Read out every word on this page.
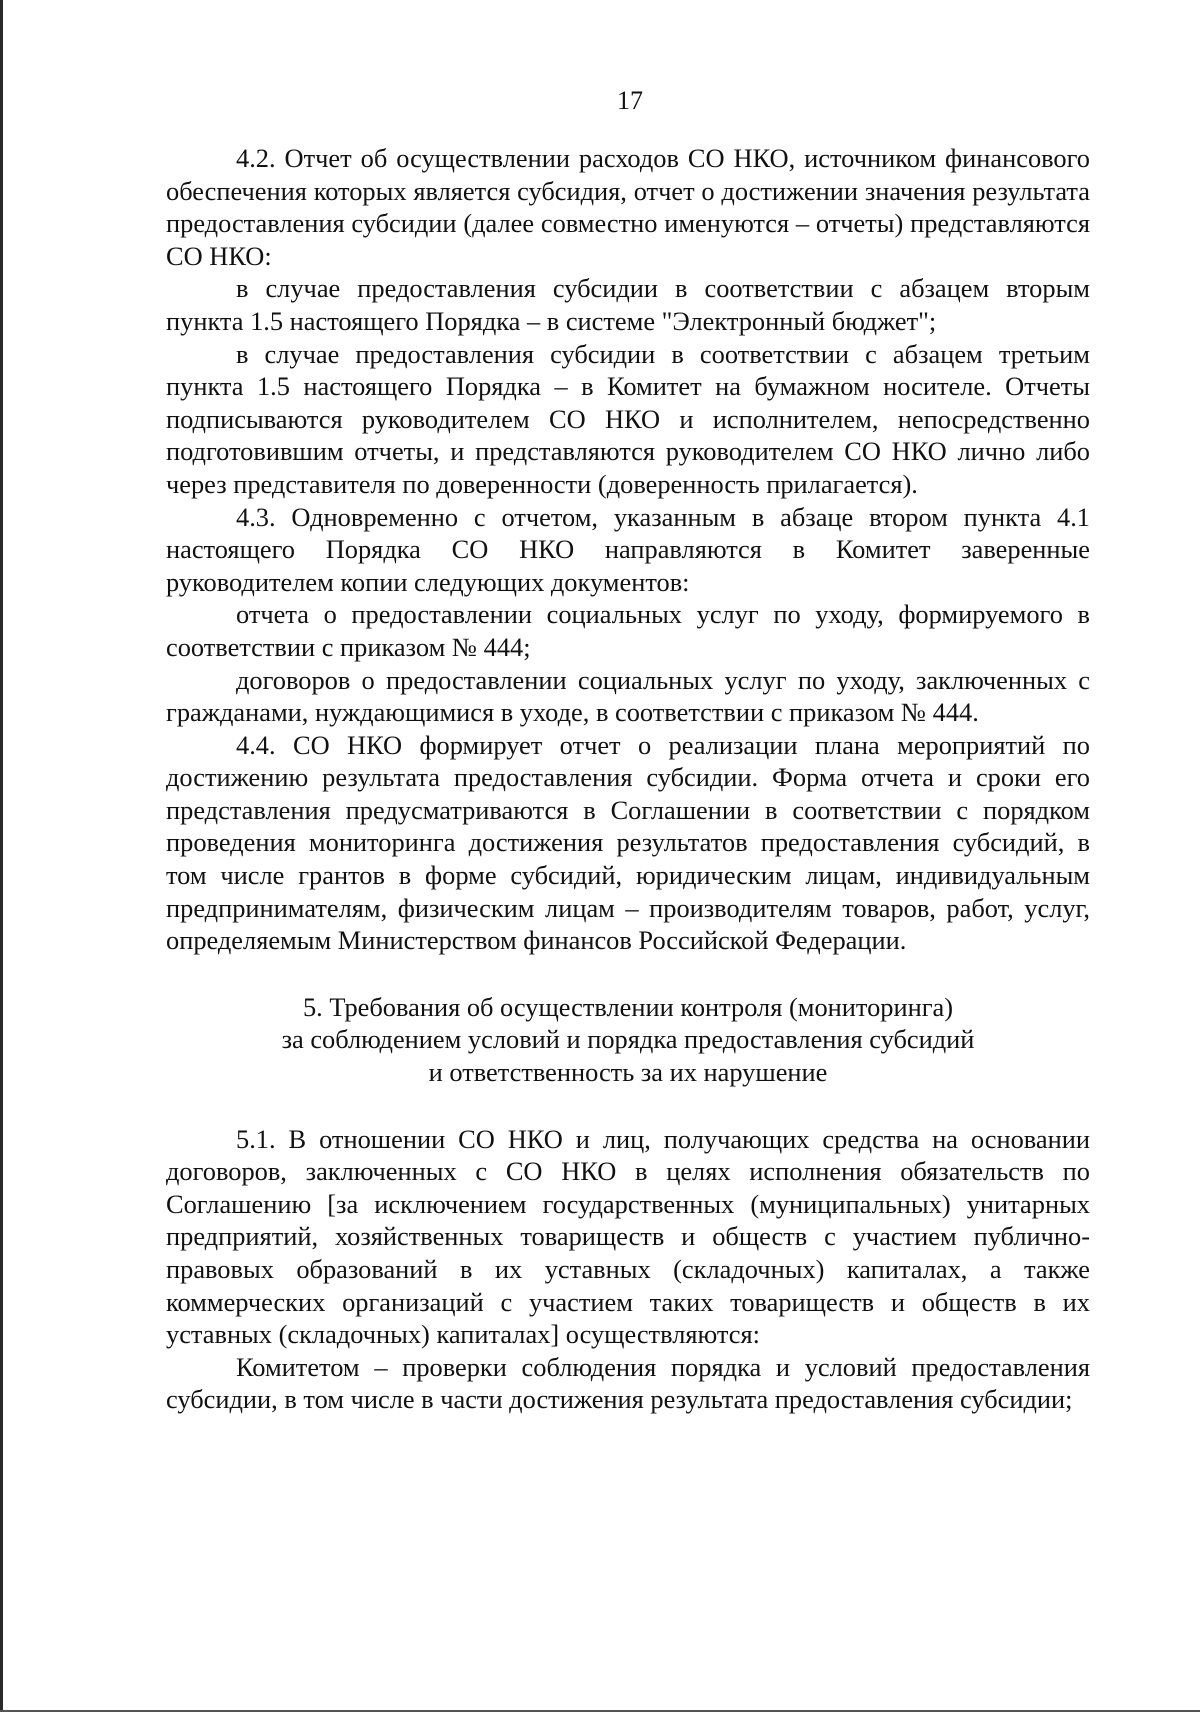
17

4.2. Отчет об осуществлении расходов СО НКО, источником финансового обеспечения которых является субсидия, отчет о достижении значения результата предоставления субсидии (далее совместно именуются – отчеты) представляются СО НКО:

в случае предоставления субсидии в соответствии с абзацем вторым пункта 1.5 настоящего Порядка – в системе "Электронный бюджет";

в случае предоставления субсидии в соответствии с абзацем третьим пункта 1.5 настоящего Порядка – в Комитет на бумажном носителе. Отчеты подписываются руководителем СО НКО и исполнителем, непосредственно подготовившим отчеты, и представляются руководителем СО НКО лично либо через представителя по доверенности (доверенность прилагается).

4.3. Одновременно с отчетом, указанным в абзаце втором пункта 4.1 настоящего Порядка СО НКО направляются в Комитет заверенные руководителем копии следующих документов:

отчета о предоставлении социальных услуг по уходу, формируемого в соответствии с приказом № 444;

договоров о предоставлении социальных услуг по уходу, заключенных с гражданами, нуждающимися в уходе, в соответствии с приказом № 444.

4.4. СО НКО формирует отчет о реализации плана мероприятий по достижению результата предоставления субсидии. Форма отчета и сроки его представления предусматриваются в Соглашении в соответствии с порядком проведения мониторинга достижения результатов предоставления субсидий, в том числе грантов в форме субсидий, юридическим лицам, индивидуальным предпринимателям, физическим лицам – производителям товаров, работ, услуг, определяемым Министерством финансов Российской Федерации.

5. Требования об осуществлении контроля (мониторинга)

за соблюдением условий и порядка предоставления субсидий

и ответственность за их нарушение

5.1. В отношении СО НКО и лиц, получающих средства на основании договоров, заключенных с СО НКО в целях исполнения обязательств по Соглашению [за исключением государственных (муниципальных) унитарных предприятий, хозяйственных товариществ и обществ с участием публично-правовых образований в их уставных (складочных) капиталах, а также коммерческих организаций с участием таких товариществ и обществ в их уставных (складочных) капиталах] осуществляются:

Комитетом – проверки соблюдения порядка и условий предоставления субсидии, в том числе в части достижения результата предоставления субсидии;
